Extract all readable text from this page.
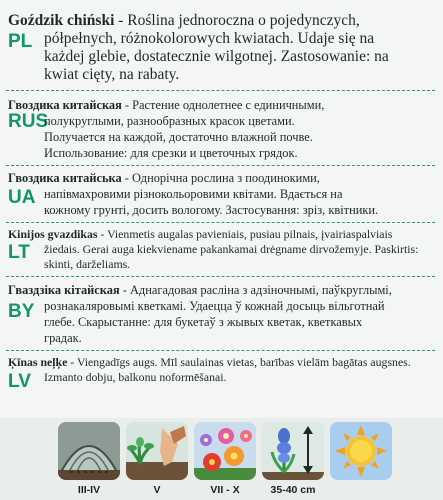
PL
Goździk chiński - Roślina jednoroczna o pojedynczych,
półpełnych, różnokolorowych kwiatach. Udaje się na
każdej glebie, dostatecznie wilgotnej. Zastosowanie: na
kwiat cięty, na rabaty.
RUS
Гвоздика китайская - Растение однолетнее с единичными,
полукруглыми, разнообразных красок цветами.
Получается на каждой, достаточно влажной почве.
Использование: для срезки и цветочных грядок.
UA
Гвоздика китайська - Однорічна рослина з поодинокими,
напівмахровими різнокольоровими квітами. Вдається на
кожному грунті, досить вологому. Застосування: зріз, квітники.
LT
Kinijos gvazdikas - Vienmetis augalas pavieniais, pusiau pilnais, įvairiaspalviais
žiedais. Gerai auga kiekviename pakankamai drėgname dirvožemyje. Paskirtis:
skinti, darželiams.
BY
Гваздзіка кітайская - Аднагадовая расліна з адзіночнымі, паўкруглымі,
рознакаляровымі кветкамі. Удаецца ў кожнай досыць вільготнай
глебе. Скарыстанне: для букетаў з жывых кветак, кветкавых
градак.
LV
Ķīnas neļķe - Viengadīgs augs. Mīl saulainas vietas, barības vielām bagātas augsnes.
Izmanto dobju, balkonu noformēšanai.
III-IV	V	VII - X	35-40 cm
